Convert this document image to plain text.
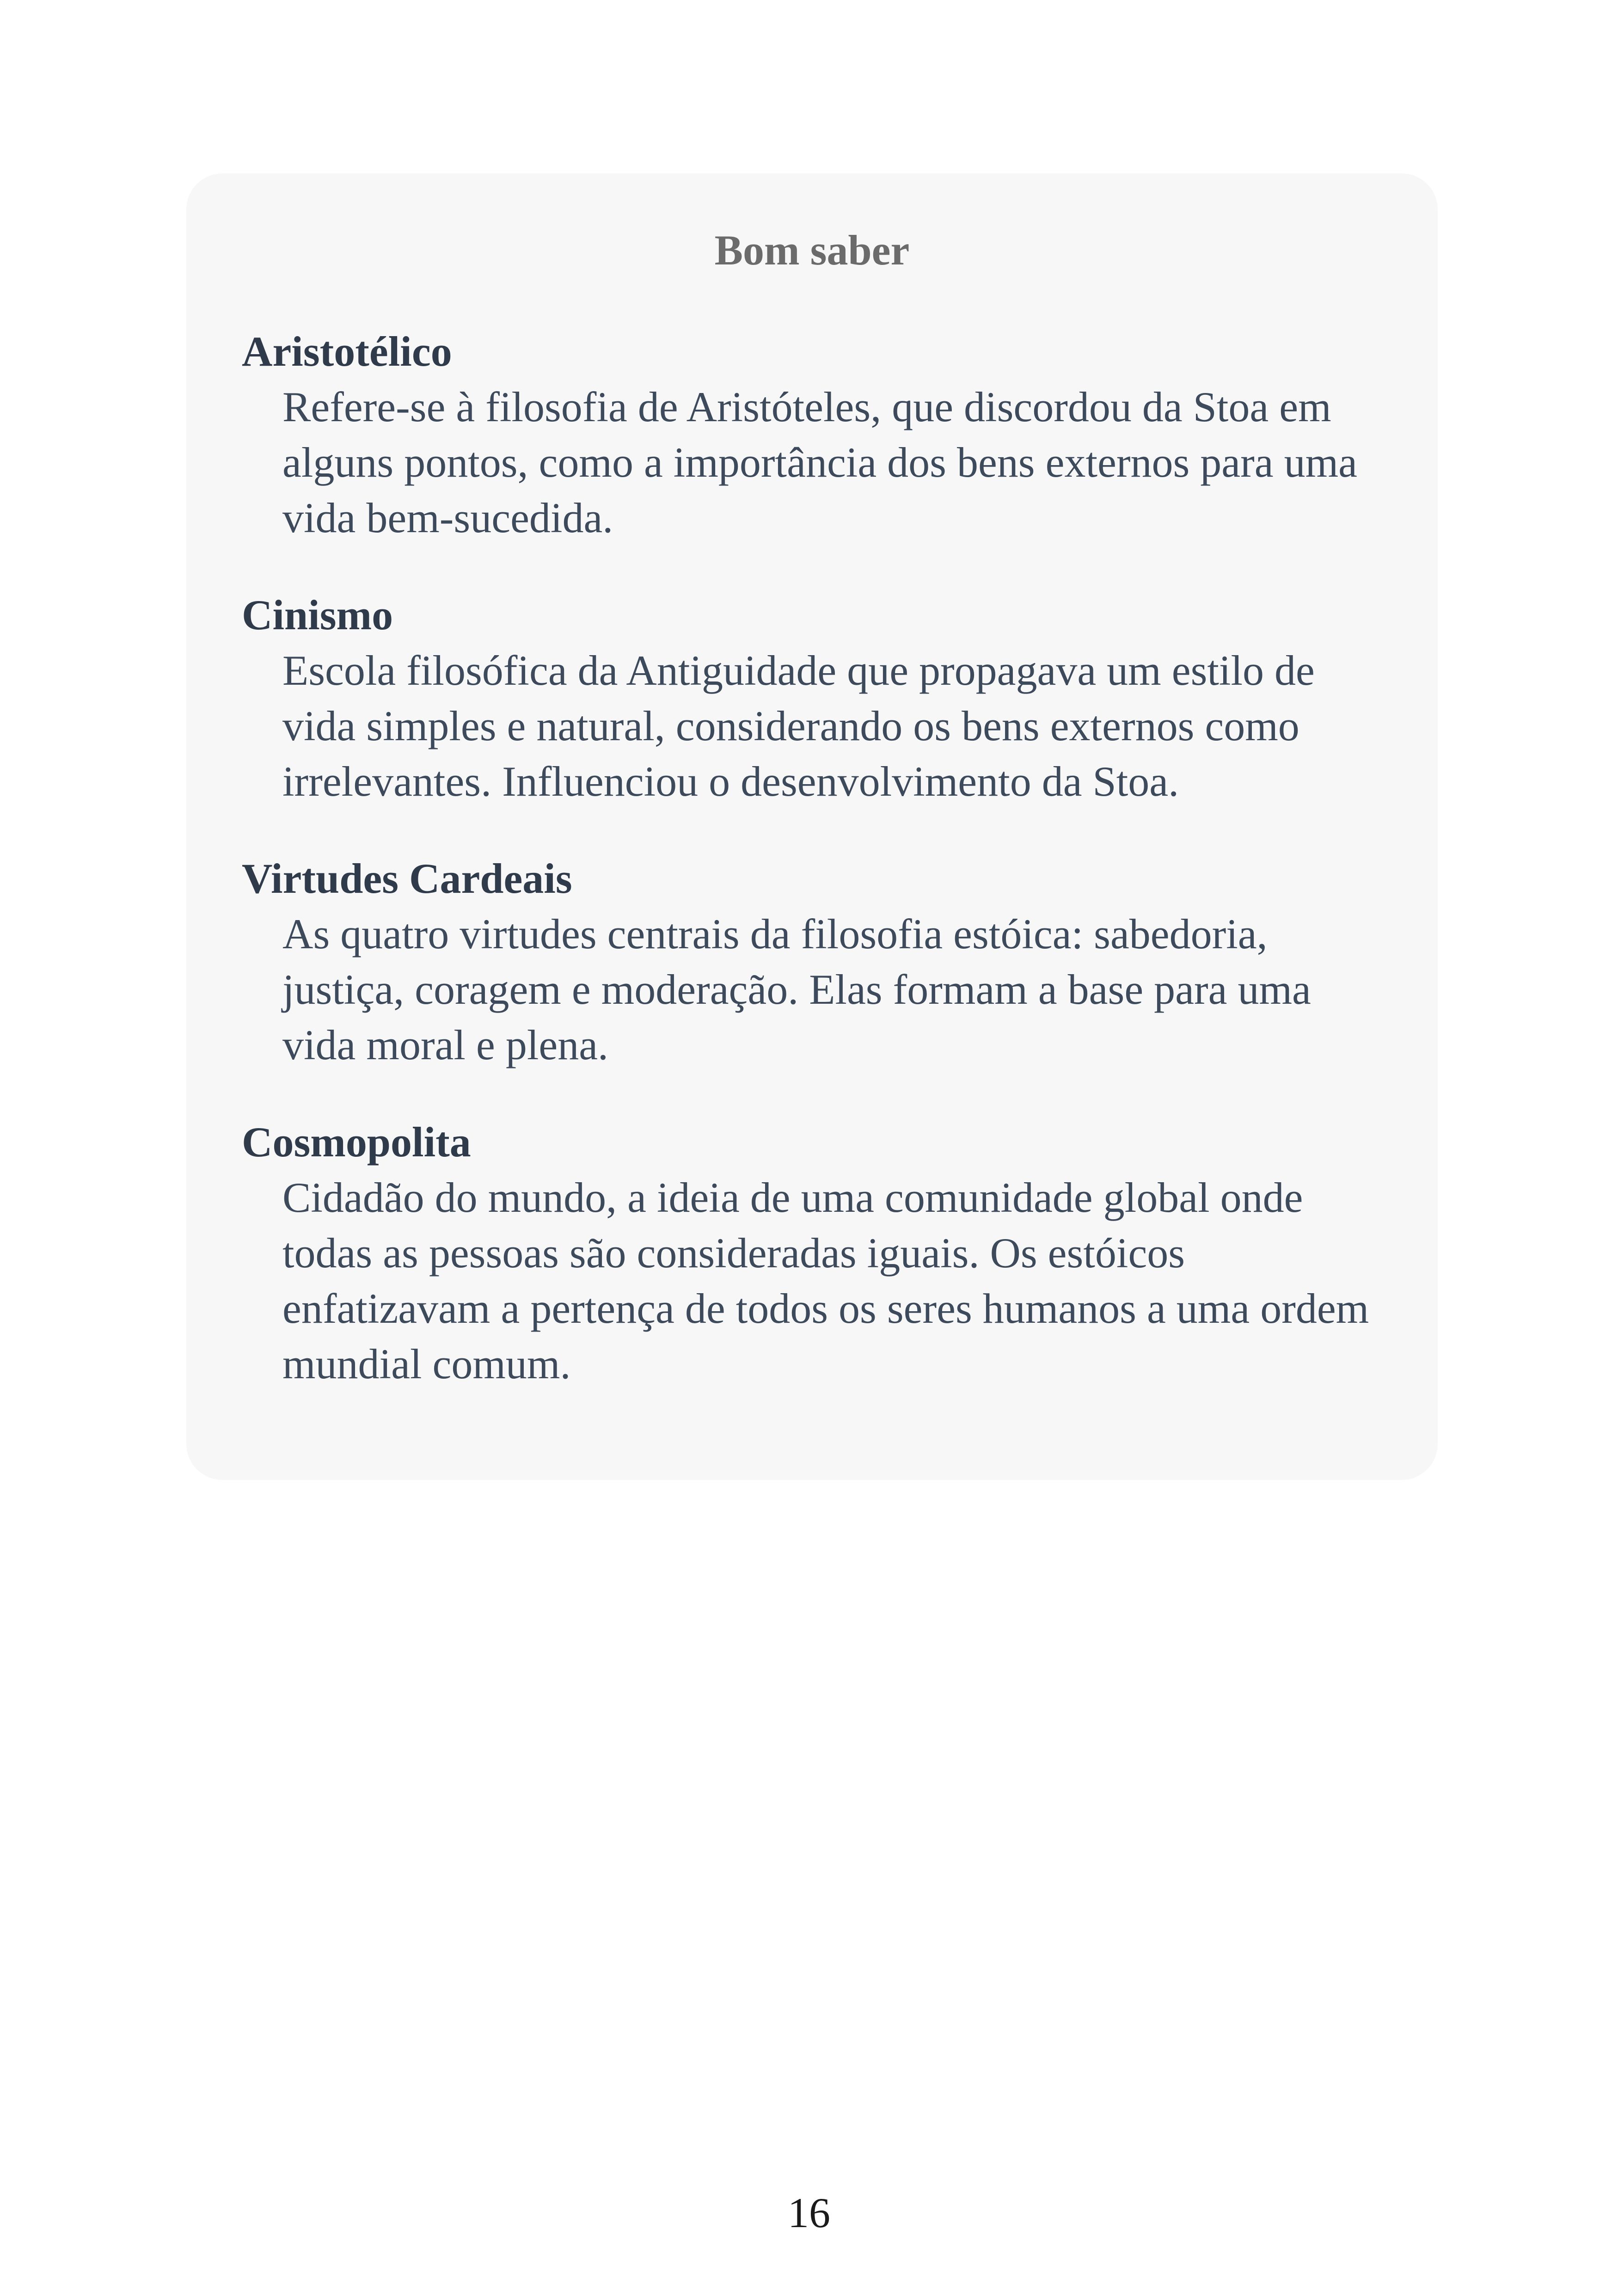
Bom saber

Aristotélico

Refere-se à filosofia de Aristóteles, que discordou da Stoa em
alguns pontos, como a importância dos bens externos para uma
vida bem-sucedida.

Cinismo

Escola filosófica da Antiguidade que propagava um estilo de
vida simples e natural, considerando os bens externos como
irrelevantes. Influenciou o desenvolvimento da Stoa.

Virtudes Cardeais

As quatro virtudes centrais da filosofia estóica: sabedoria,
justiça, coragem e moderação. Elas formam a base para uma
vida moral e plena.

Cosmopolita

Cidadão do mundo, a ideia de uma comunidade global onde
todas as pessoas são consideradas iguais. Os estóicos
enfatizavam a pertença de todos os seres humanos a uma ordem
mundial comum.

16
